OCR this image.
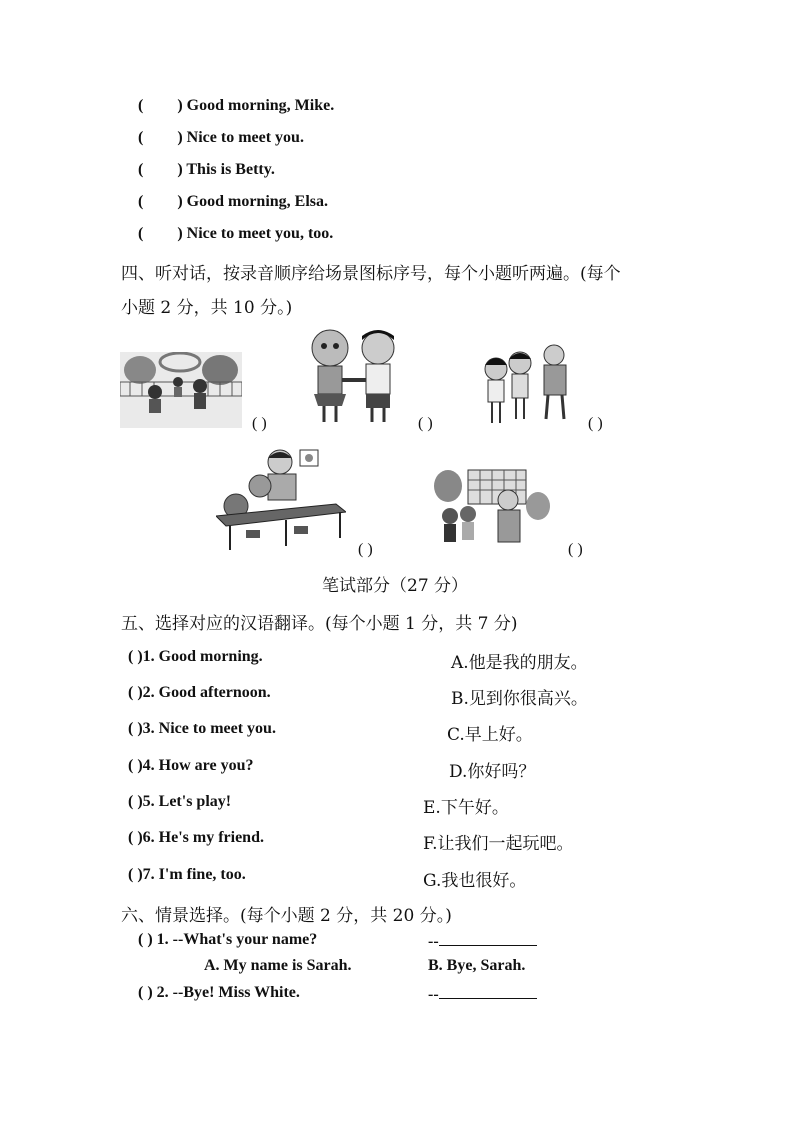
( ) Good morning, Mike.
( ) Nice to meet you.
( ) This is Betty.
( ) Good morning, Elsa.
( ) Nice to meet you, too.
四、听对话，按录音顺序给场景图标序号，每个小题听两遍。(每个
小题 2 分，共 10 分。)
( )	( )	( )
( )	( )
笔试部分（27 分）
五、选择对应的汉语翻译。(每个小题 1 分，共 7 分)
( )1. Good morning.	A.他是我的朋友。
( )2. Good afternoon.	B.见到你很高兴。
( )3. Nice to meet you.	C.早上好。
( )4. How are you?	D.你好吗？
( )5. Let's play!	E.下午好。
( )6. He's my friend.	F.让我们一起玩吧。
( )7. I'm fine, too.	G.我也很好。
六、情景选择。(每个小题 2 分，共 20 分。)
( ) 1. --What's your name?	--
A. My name is Sarah.	B. Bye, Sarah.
( ) 2. --Bye! Miss White.	--
